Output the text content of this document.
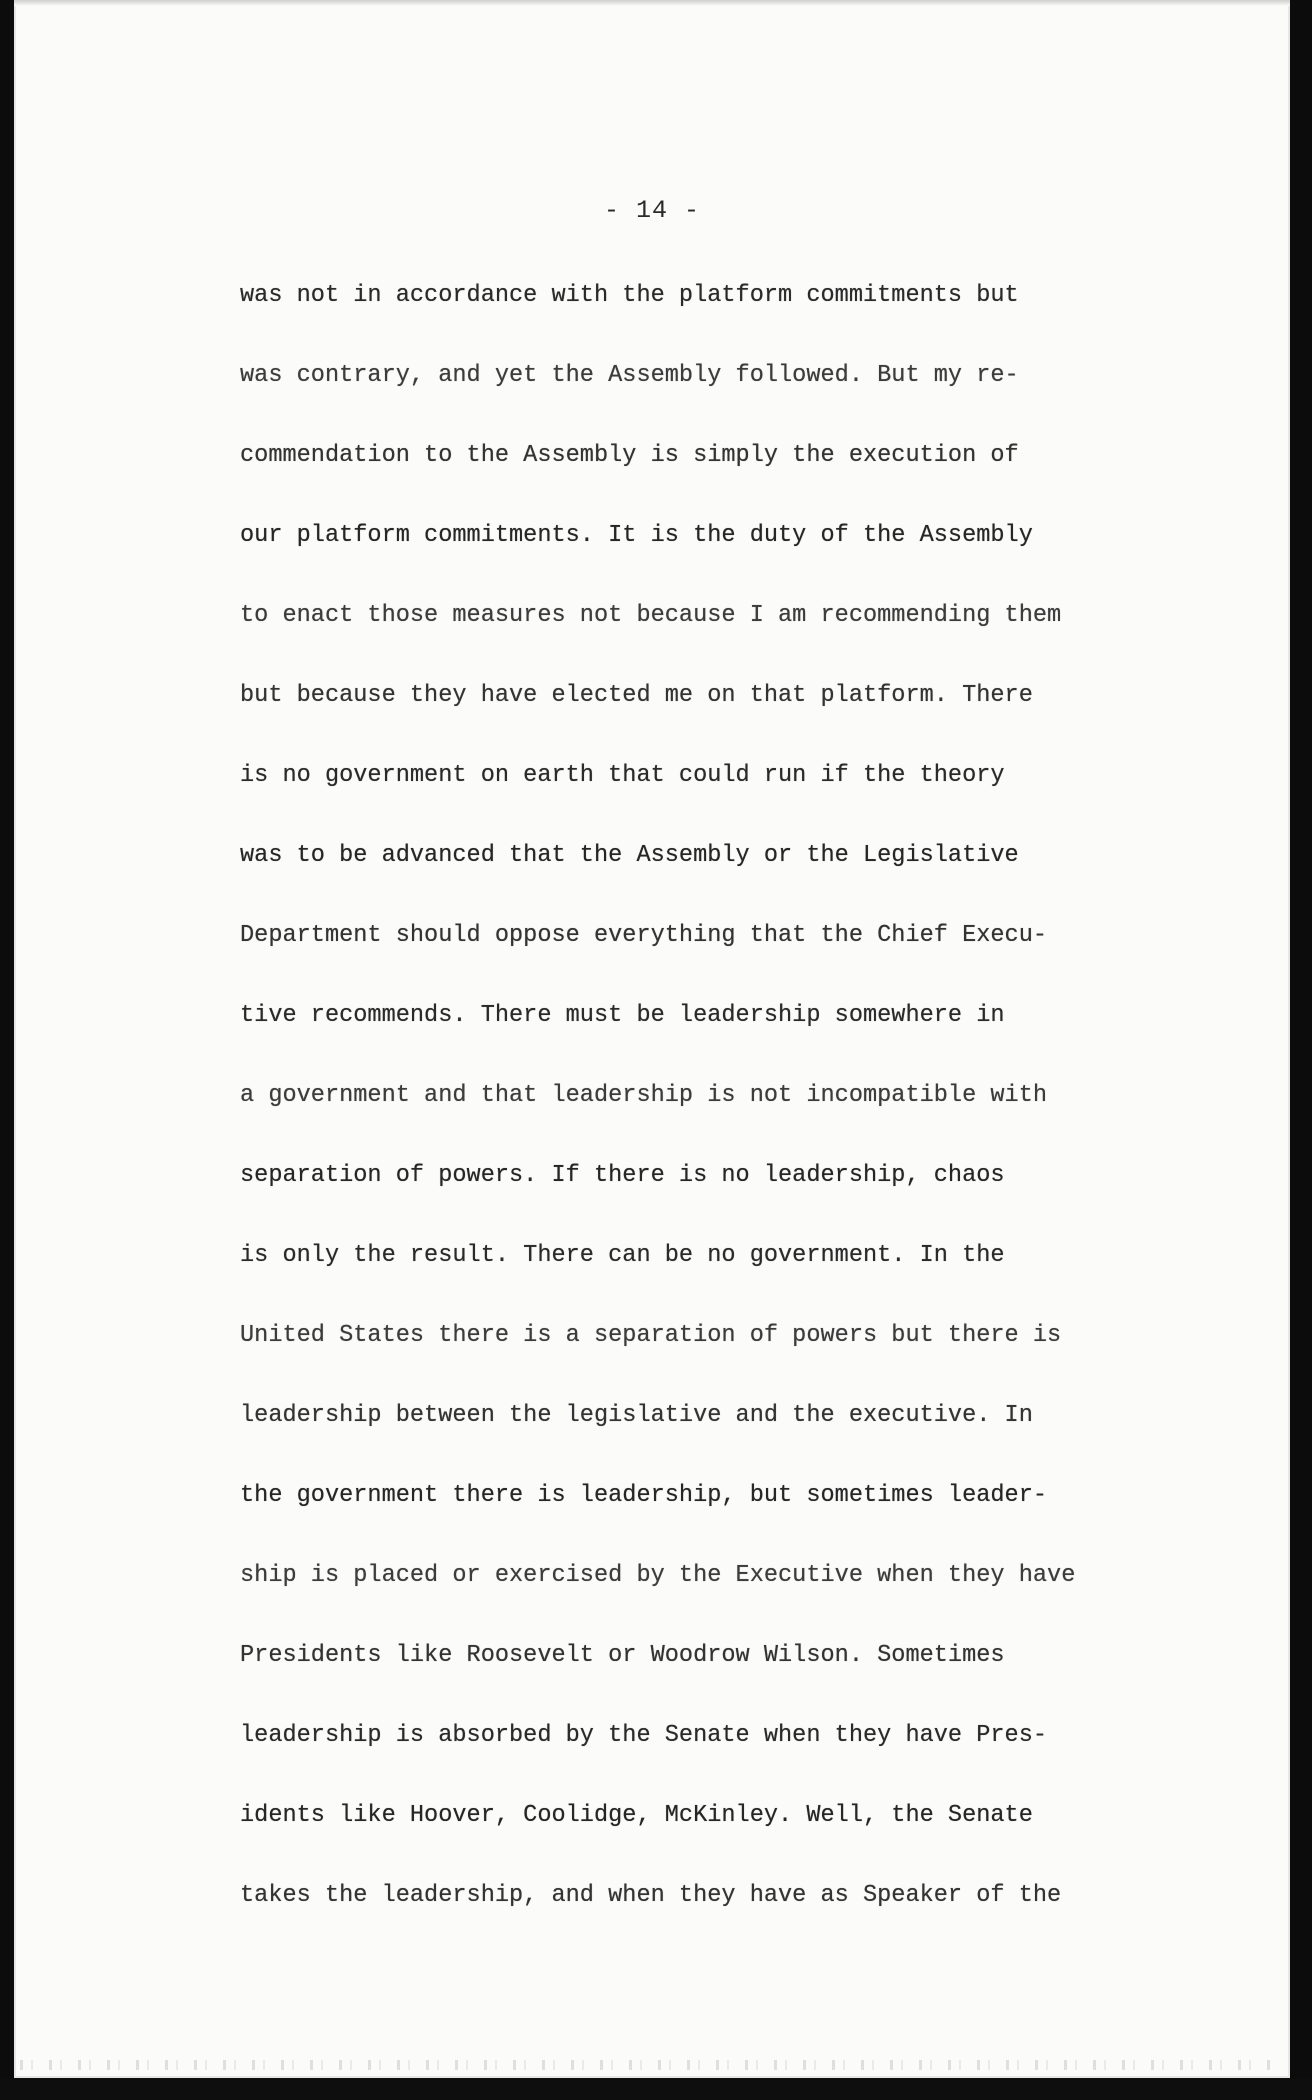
- 14 -
was not in accordance with the platform commitments but
was contrary, and yet the Assembly followed. But my re-
commendation to the Assembly is simply the execution of
our platform commitments. It is the duty of the Assembly
to enact those measures not because I am recommending them
but because they have elected me on that platform. There
is no government on earth that could run if the theory
was to be advanced that the Assembly or the Legislative
Department should oppose everything that the Chief Execu-
tive recommends. There must be leadership somewhere in
a government and that leadership is not incompatible with
separation of powers. If there is no leadership, chaos
is only the result. There can be no government. In the
United States there is a separation of powers but there is
leadership between the legislative and the executive. In
the government there is leadership, but sometimes leader-
ship is placed or exercised by the Executive when they have
Presidents like Roosevelt or Woodrow Wilson. Sometimes
leadership is absorbed by the Senate when they have Pres-
idents like Hoover, Coolidge, McKinley. Well, the Senate
takes the leadership, and when they have as Speaker of the
